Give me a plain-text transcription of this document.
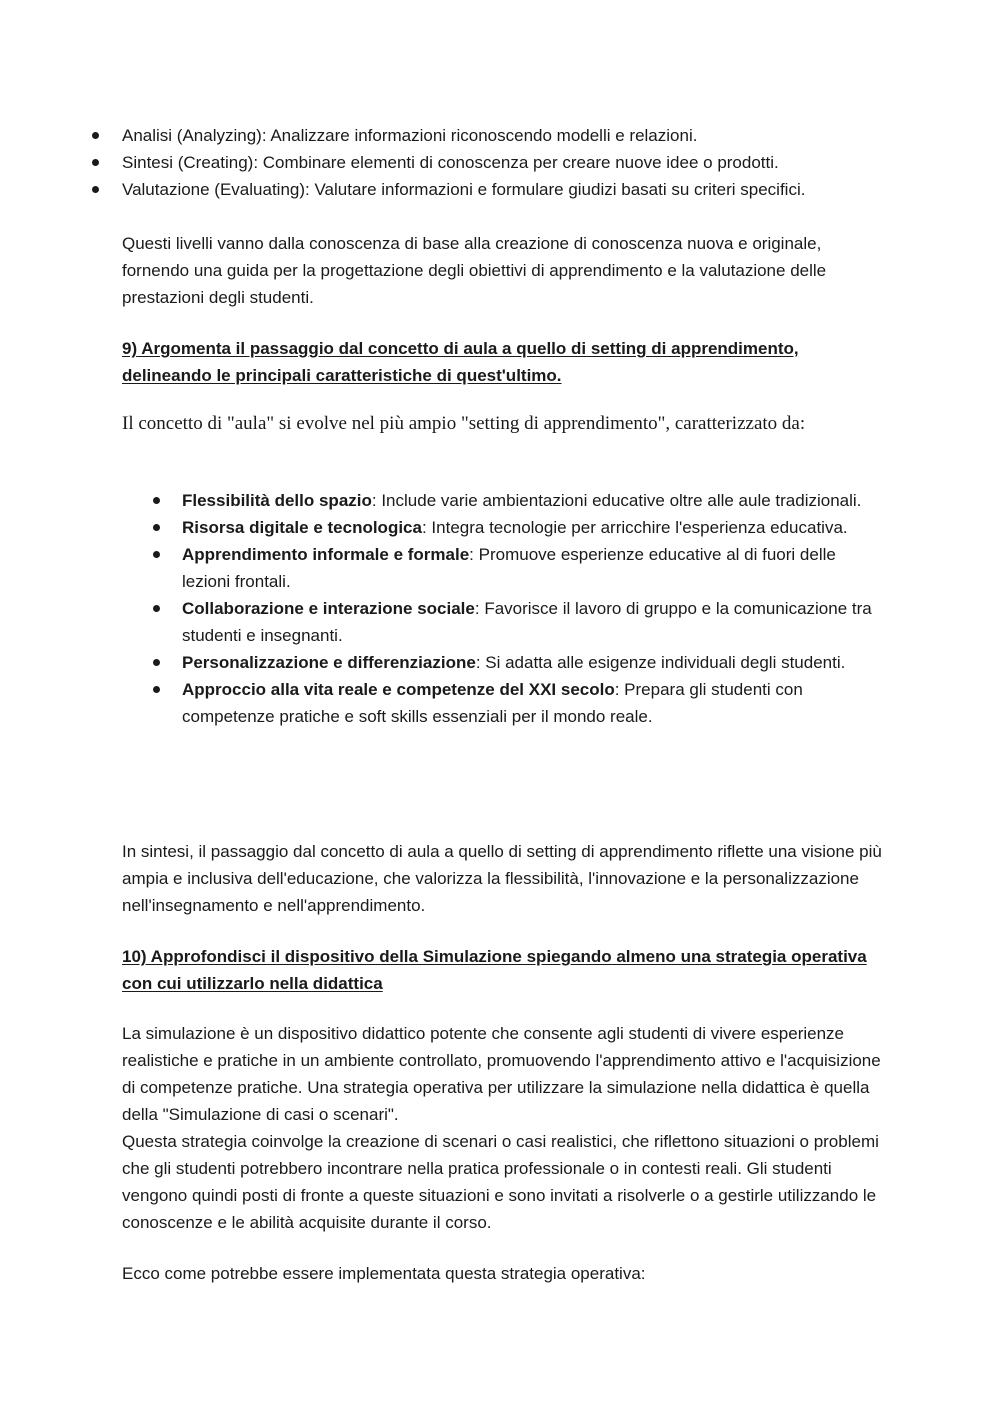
Analisi (Analyzing): Analizzare informazioni riconoscendo modelli e relazioni.
Sintesi (Creating): Combinare elementi di conoscenza per creare nuove idee o prodotti.
Valutazione (Evaluating): Valutare informazioni e formulare giudizi basati su criteri specifici.

Questi livelli vanno dalla conoscenza di base alla creazione di conoscenza nuova e originale, fornendo una guida per la progettazione degli obiettivi di apprendimento e la valutazione delle prestazioni degli studenti.

9) Argomenta il passaggio dal concetto di aula a quello di setting di apprendimento, delineando le principali caratteristiche di quest'ultimo.

Il concetto di "aula" si evolve nel più ampio "setting di apprendimento", caratterizzato da:

Flessibilità dello spazio: Include varie ambientazioni educative oltre alle aule tradizionali.
Risorsa digitale e tecnologica: Integra tecnologie per arricchire l'esperienza educativa.
Apprendimento informale e formale: Promuove esperienze educative al di fuori delle lezioni frontali.
Collaborazione e interazione sociale: Favorisce il lavoro di gruppo e la comunicazione tra studenti e insegnanti.
Personalizzazione e differenziazione: Si adatta alle esigenze individuali degli studenti.
Approccio alla vita reale e competenze del XXI secolo: Prepara gli studenti con competenze pratiche e soft skills essenziali per il mondo reale.

In sintesi, il passaggio dal concetto di aula a quello di setting di apprendimento riflette una visione più ampia e inclusiva dell'educazione, che valorizza la flessibilità, l'innovazione e la personalizzazione nell'insegnamento e nell'apprendimento.

10) Approfondisci il dispositivo della Simulazione spiegando almeno una strategia operativa con cui utilizzarlo nella didattica

La simulazione è un dispositivo didattico potente che consente agli studenti di vivere esperienze realistiche e pratiche in un ambiente controllato, promuovendo l'apprendimento attivo e l'acquisizione di competenze pratiche. Una strategia operativa per utilizzare la simulazione nella didattica è quella della "Simulazione di casi o scenari".

Questa strategia coinvolge la creazione di scenari o casi realistici, che riflettono situazioni o problemi che gli studenti potrebbero incontrare nella pratica professionale o in contesti reali. Gli studenti vengono quindi posti di fronte a queste situazioni e sono invitati a risolverle o a gestirle utilizzando le conoscenze e le abilità acquisite durante il corso.

Ecco come potrebbe essere implementata questa strategia operativa:
